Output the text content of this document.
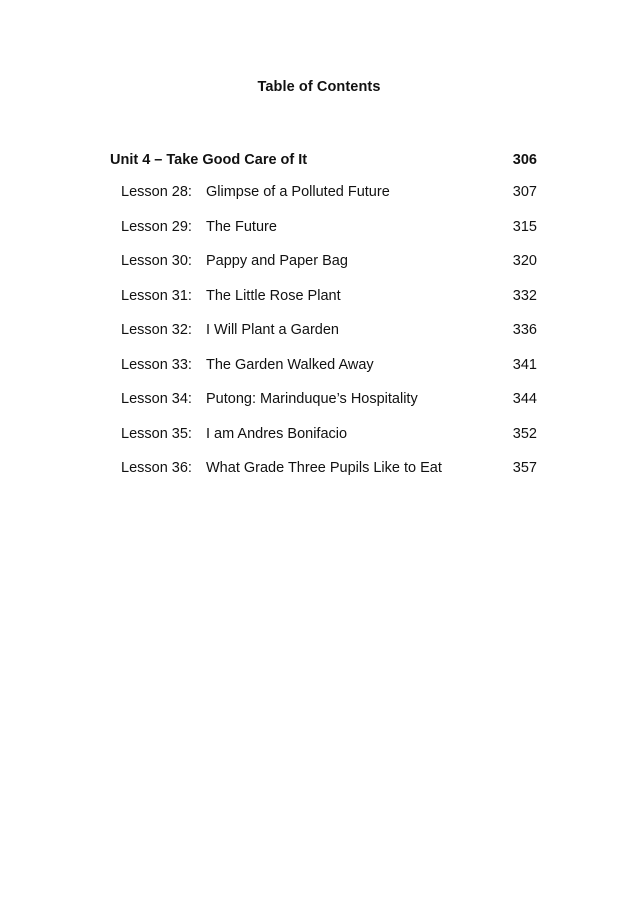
Table of Contents
Unit 4 – Take Good Care of It	306
Lesson 28: Glimpse of a Polluted Future	307
Lesson 29: The Future	315
Lesson 30: Pappy and Paper Bag	320
Lesson 31: The Little Rose Plant	332
Lesson 32: I Will Plant a Garden	336
Lesson 33: The Garden Walked Away	341
Lesson 34: Putong: Marinduque’s Hospitality	344
Lesson 35: I am Andres Bonifacio	352
Lesson 36: What Grade Three Pupils Like to Eat	357
